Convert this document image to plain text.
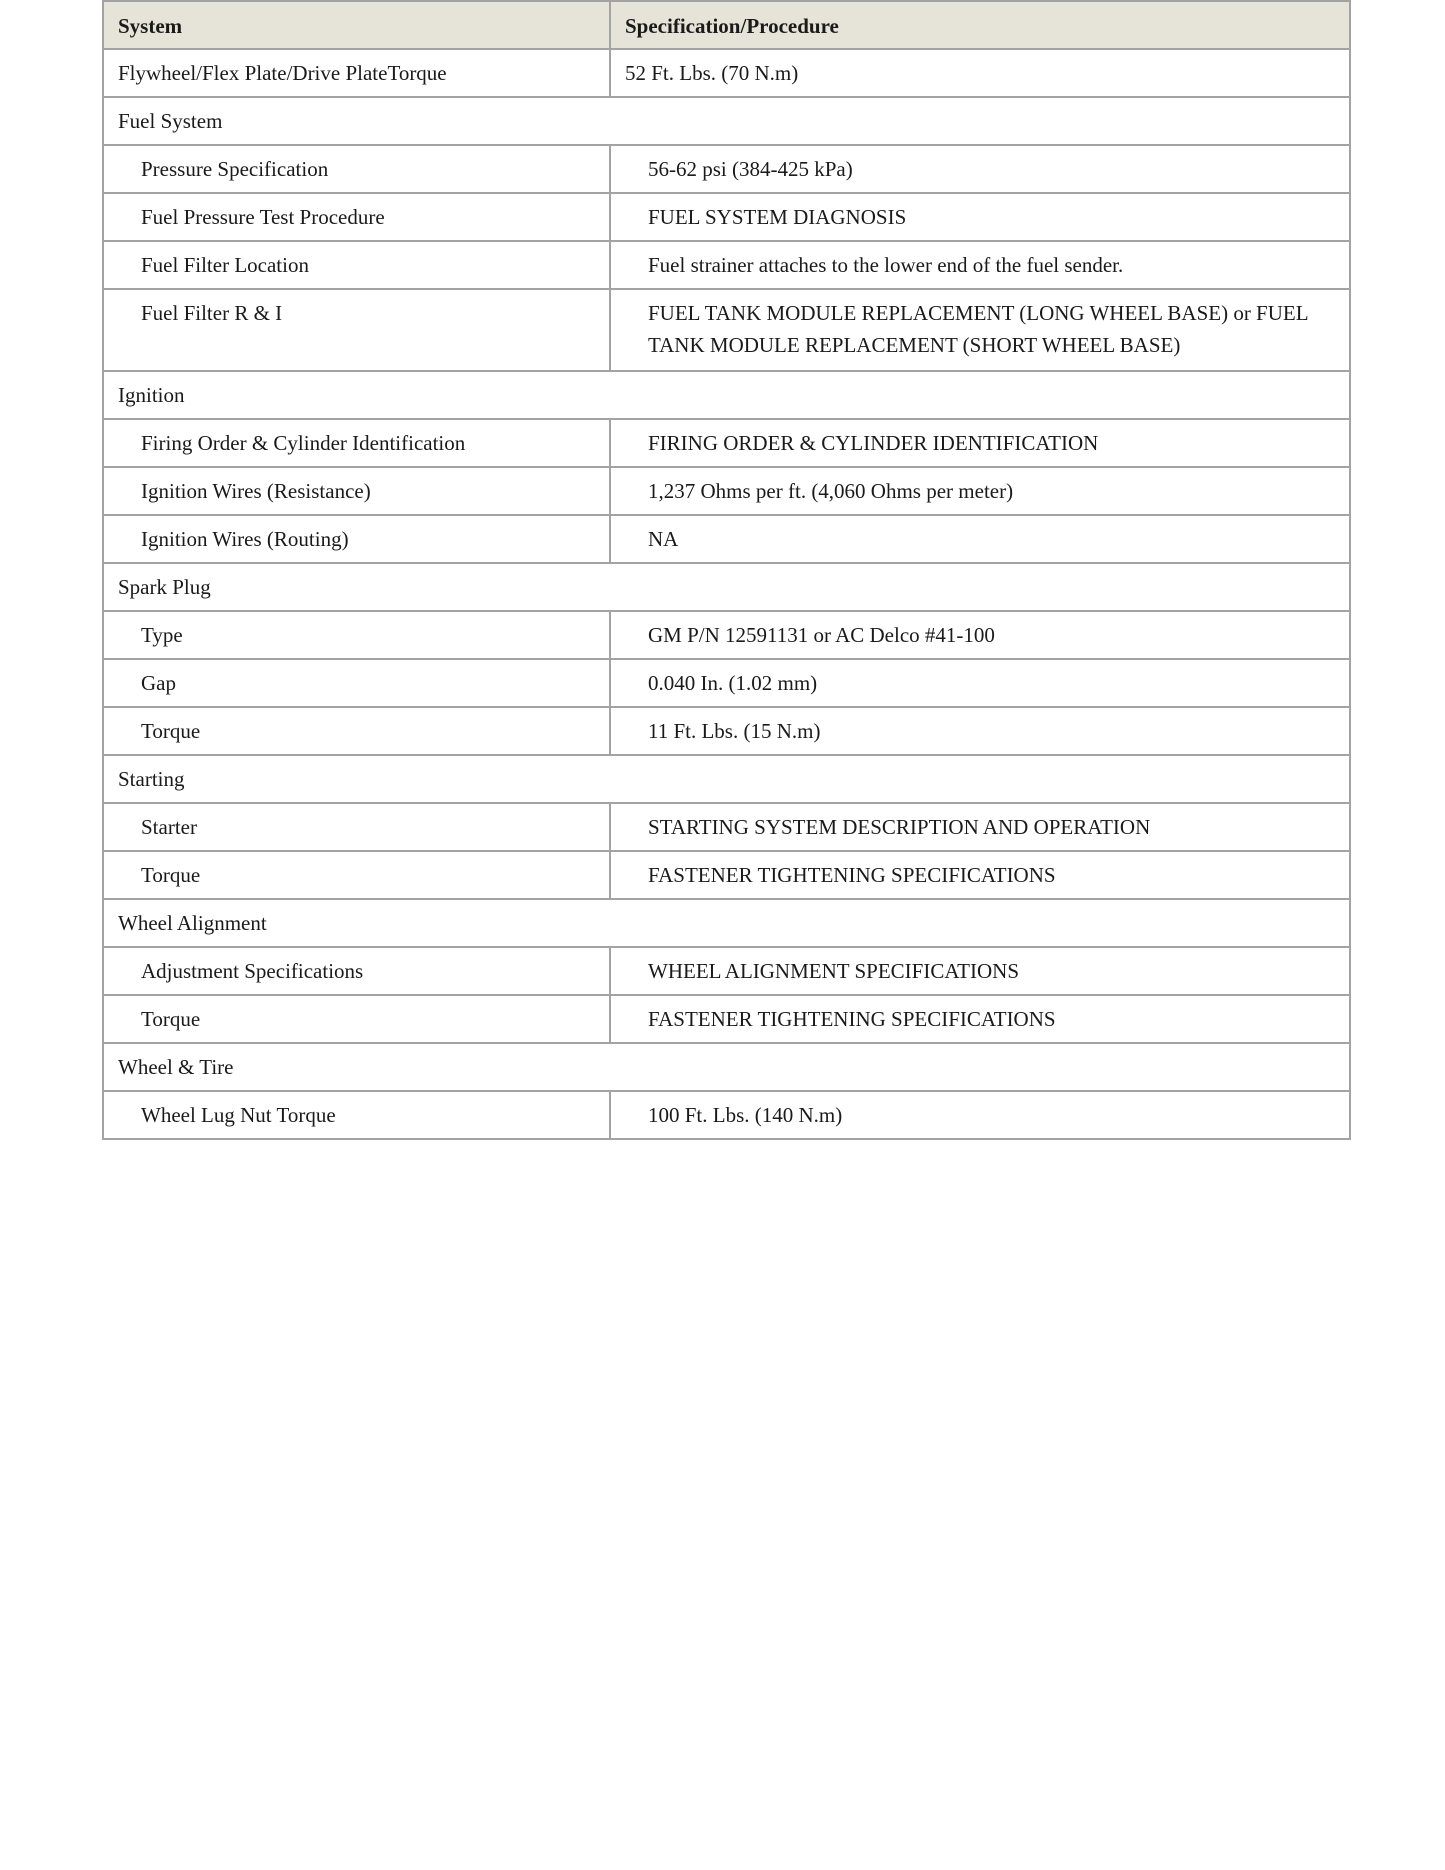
System	Specification/Procedure
Flywheel/Flex Plate/Drive PlateTorque	52 Ft. Lbs. (70 N.m)
Fuel System	
Pressure Specification	56-62 psi (384-425 kPa)
Fuel Pressure Test Procedure	FUEL SYSTEM DIAGNOSIS
Fuel Filter Location	Fuel strainer attaches to the lower end of the fuel sender.
Fuel Filter R & I	FUEL TANK MODULE REPLACEMENT (LONG WHEEL BASE) or FUEL TANK MODULE REPLACEMENT (SHORT WHEEL BASE)
Ignition	
Firing Order & Cylinder Identification	FIRING ORDER & CYLINDER IDENTIFICATION
Ignition Wires (Resistance)	1,237 Ohms per ft. (4,060 Ohms per meter)
Ignition Wires (Routing)	NA
Spark Plug	
Type	GM P/N 12591131 or AC Delco #41-100
Gap	0.040 In. (1.02 mm)
Torque	11 Ft. Lbs. (15 N.m)
Starting	
Starter	STARTING SYSTEM DESCRIPTION AND OPERATION
Torque	FASTENER TIGHTENING SPECIFICATIONS
Wheel Alignment	
Adjustment Specifications	WHEEL ALIGNMENT SPECIFICATIONS
Torque	FASTENER TIGHTENING SPECIFICATIONS
Wheel & Tire	
Wheel Lug Nut Torque	100 Ft. Lbs. (140 N.m)
